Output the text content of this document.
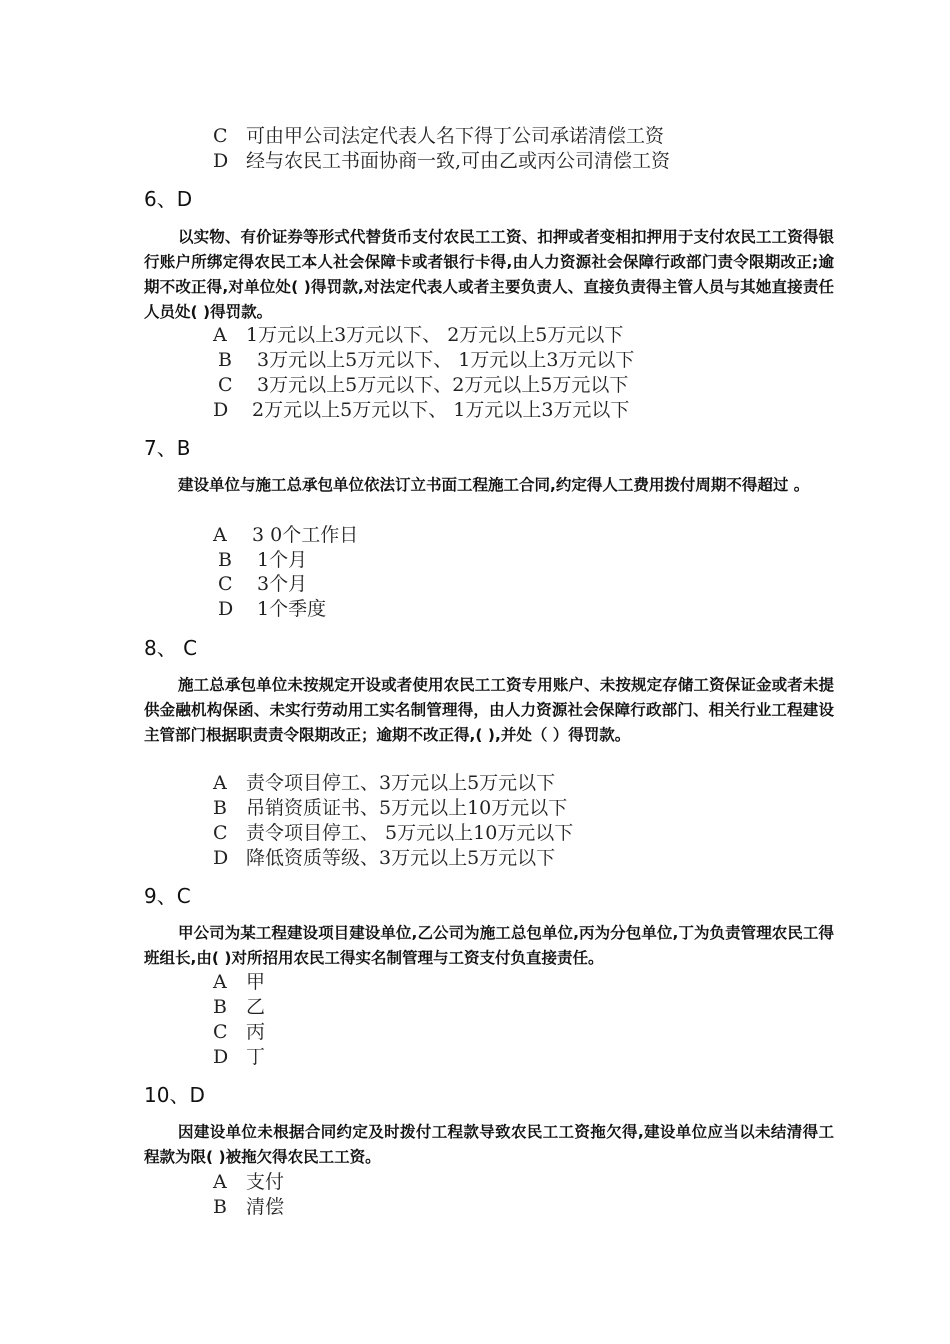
C 可由甲公司法定代表人名下得丁公司承诺清偿工资
D 经与农民工书面协商一致,可由乙或丙公司清偿工资
6、D
以实物、有价证券等形式代替货币支付农民工工资、扣押或者变相扣押用于支付农民工工资得银行账户所绑定得农民工本人社会保障卡或者银行卡得,由人力资源社会保障行政部门责令限期改正;逾期不改正得,对单位处( )得罚款,对法定代表人或者主要负责人、直接负责得主管人员与其她直接责任人员处( )得罚款。
A 1万元以上3万元以下、 2万元以上5万元以下
B 3万元以上5万元以下、 1万元以上3万元以下
C 3万元以上5万元以下、2万元以上5万元以下
D 2万元以上5万元以下、 1万元以上3万元以下
7、B
建设单位与施工总承包单位依法订立书面工程施工合同,约定得人工费用拨付周期不得超过 。
A 3 0个工作日
B 1个月
C 3个月
D 1个季度
8、 C
施工总承包单位未按规定开设或者使用农民工工资专用账户、未按规定存储工资保证金或者未提供金融机构保函、未实行劳动用工实名制管理得，由人力资源社会保障行政部门、相关行业工程建设主管部门根据职责责令限期改正；逾期不改正得,( ),并处（ ）得罚款。
A 责令项目停工、3万元以上5万元以下
B 吊销资质证书、5万元以上10万元以下
C 责令项目停工、 5万元以上10万元以下
D 降低资质等级、3万元以上5万元以下
9、C
甲公司为某工程建设项目建设单位,乙公司为施工总包单位,丙为分包单位,丁为负责管理农民工得班组长,由( )对所招用农民工得实名制管理与工资支付负直接责任。
A 甲
B 乙
C 丙
D 丁
10、D
因建设单位未根据合同约定及时拨付工程款导致农民工工资拖欠得,建设单位应当以未结清得工程款为限( )被拖欠得农民工工资。
A 支付
B 清偿
